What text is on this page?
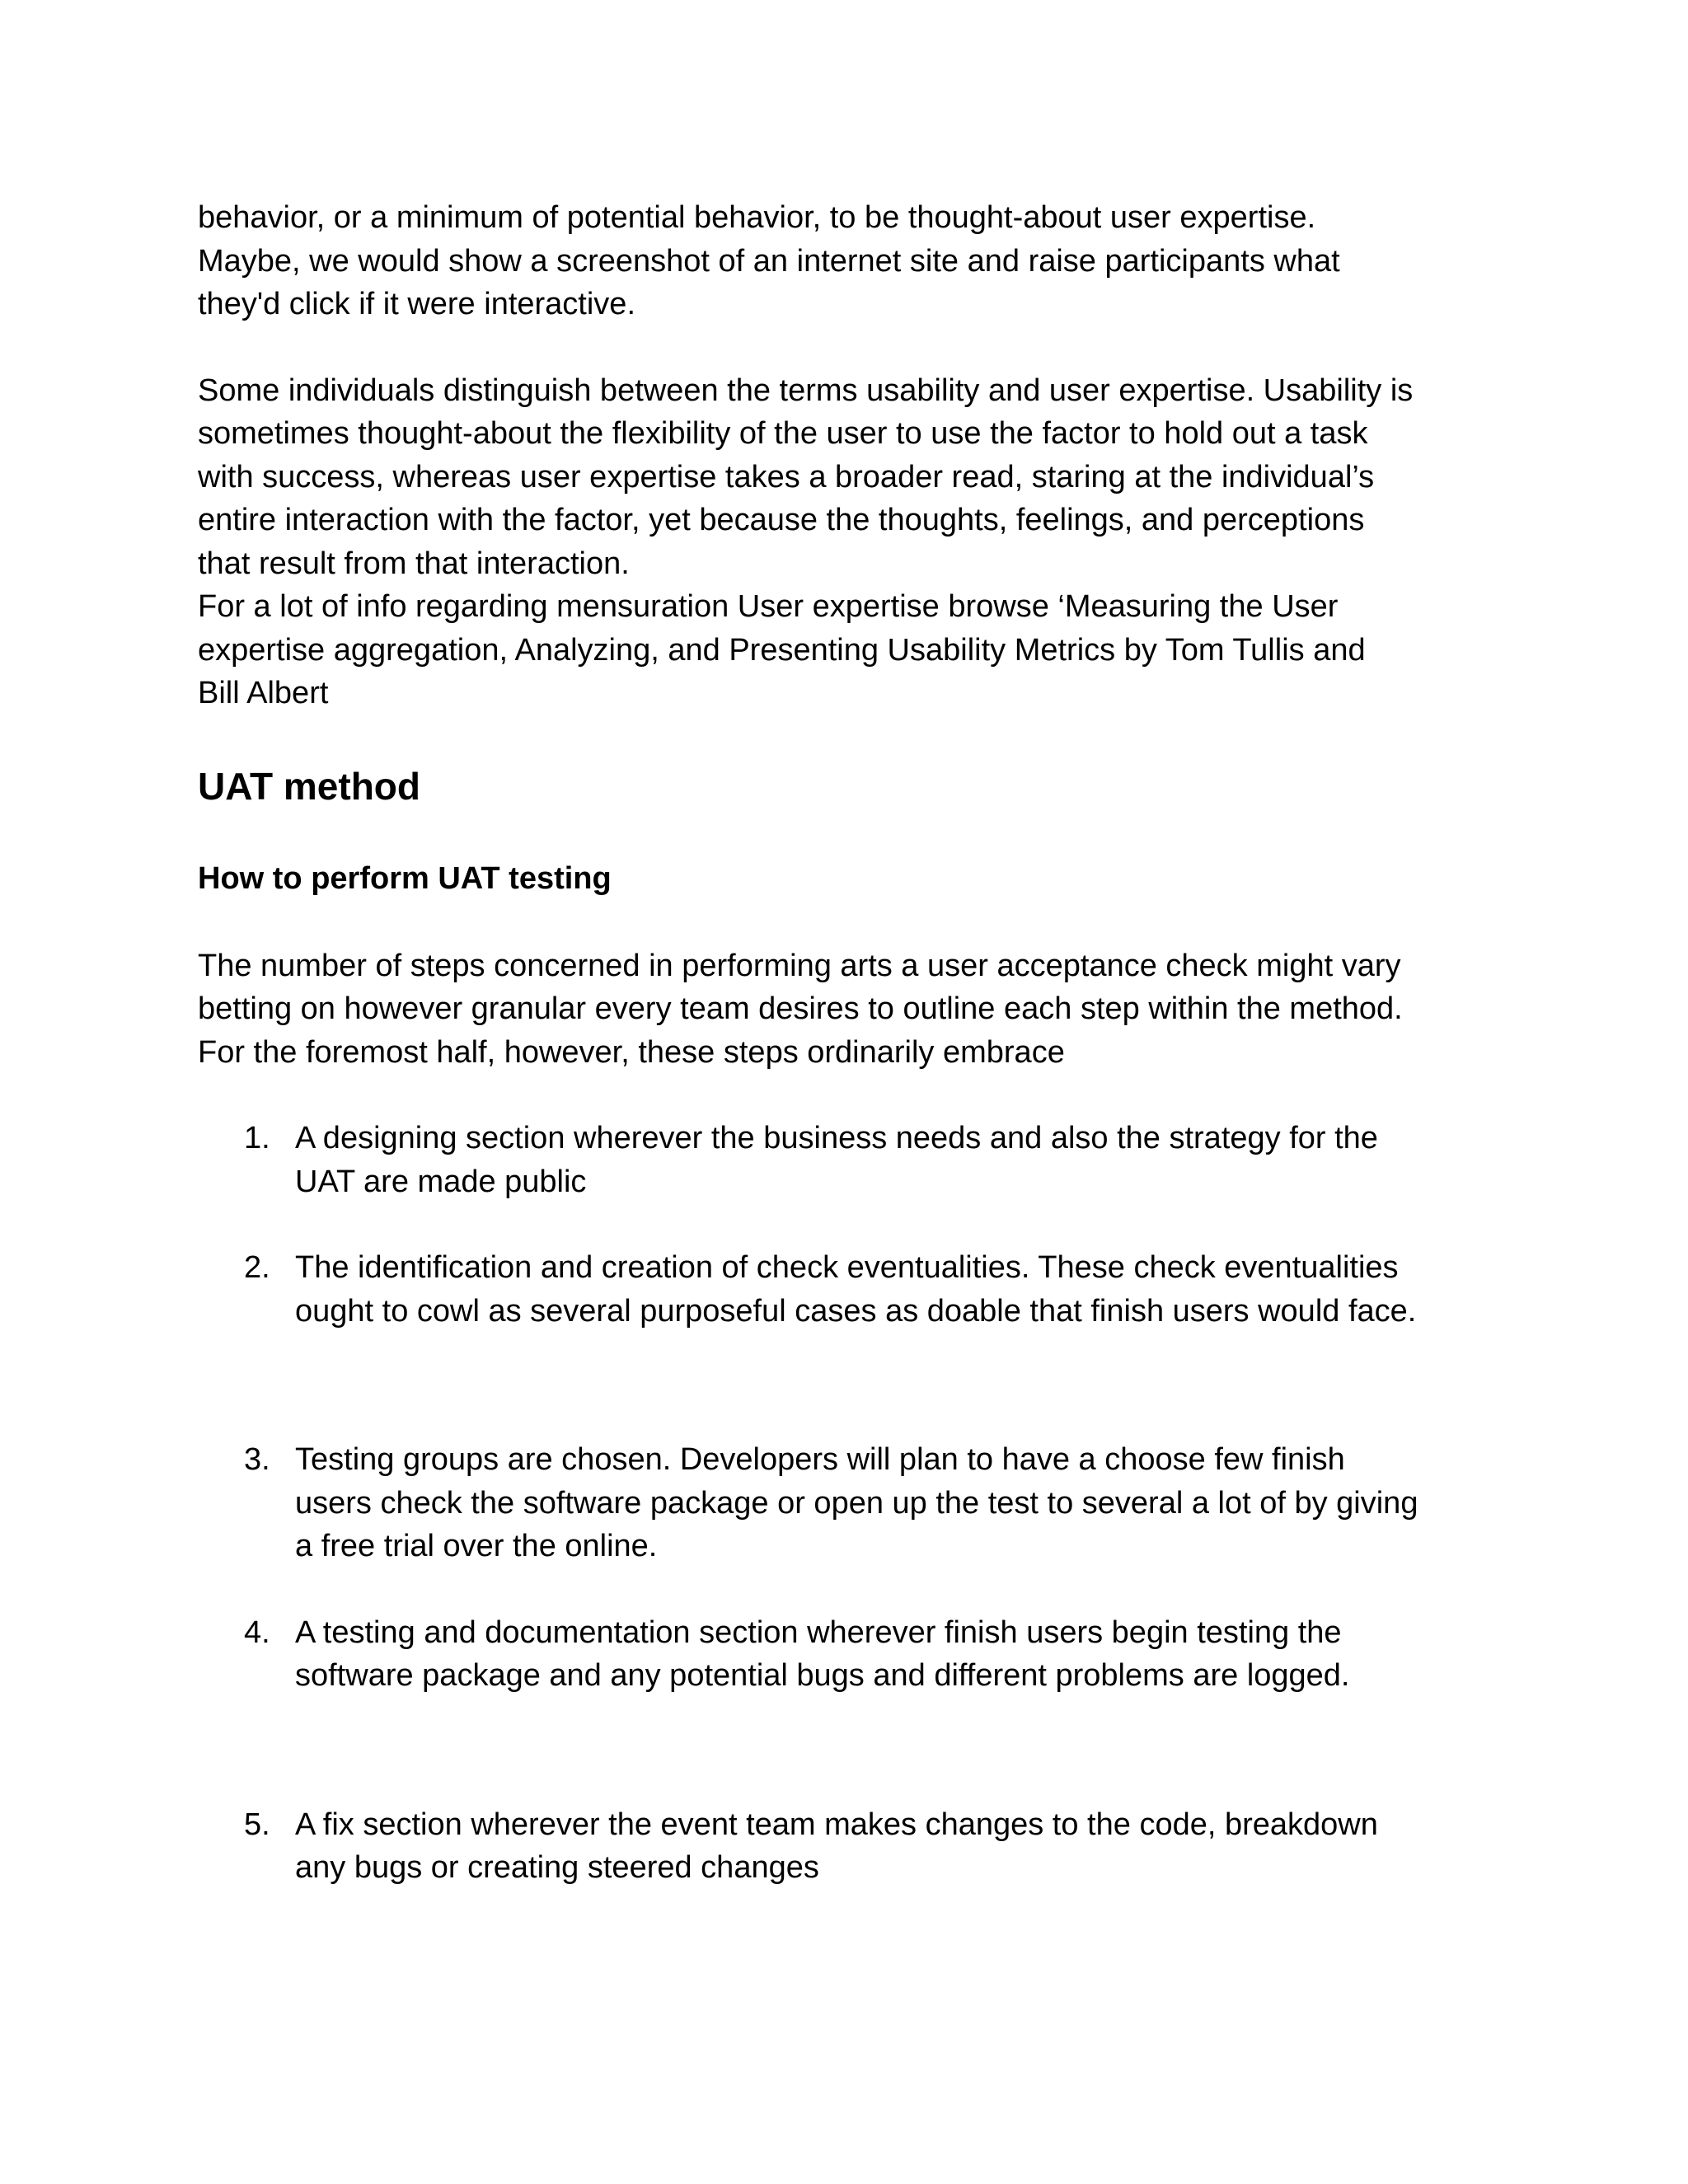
behavior, or a minimum of potential behavior, to be thought-about user expertise.
Maybe, we would show a screenshot of an internet site and raise participants what
they'd click if it were interactive.

Some individuals distinguish between the terms usability and user expertise. Usability is
sometimes thought-about the flexibility of the user to use the factor to hold out a task
with success, whereas user expertise takes a broader read, staring at the individual’s
entire interaction with the factor, yet because the thoughts, feelings, and perceptions
that result from that interaction.

For a lot of info regarding mensuration User expertise browse ‘Measuring the User
expertise aggregation, Analyzing, and Presenting Usability Metrics by Tom Tullis and
Bill Albert

UAT method
How to perform UAT testing

The number of steps concerned in performing arts a user acceptance check might vary
betting on however granular every team desires to outline each step within the method.
For the foremost half, however, these steps ordinarily embrace

1. A designing section wherever the business needs and also the strategy for the
UAT are made public
2. The identification and creation of check eventualities. These check eventualities
ought to cowl as several purposeful cases as doable that finish users would face.
3. Testing groups are chosen. Developers will plan to have a choose few finish
users check the software package or open up the test to several a lot of by giving
a free trial over the online.
4. A testing and documentation section wherever finish users begin testing the
software package and any potential bugs and different problems are logged.
5. A fix section wherever the event team makes changes to the code, breakdown
any bugs or creating steered changes
